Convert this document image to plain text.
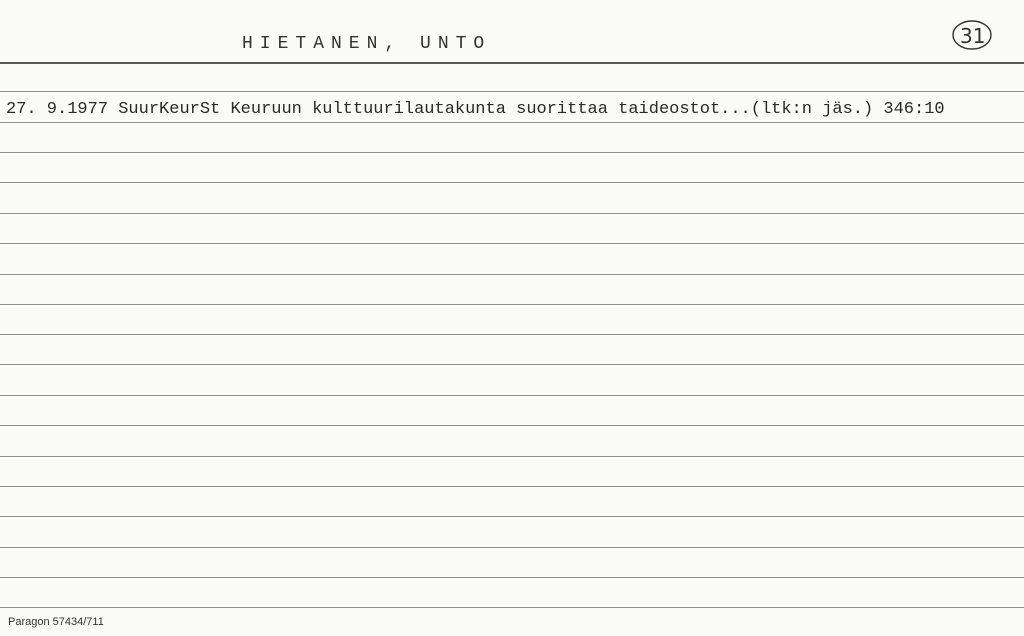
HIETANEN, UNTO	31
27. 9.1977 SuurKeurSt Keuruun kulttuurilautakunta suorittaa taideostot...(ltk:n jäs.) 346:10
Paragon 57434/711
